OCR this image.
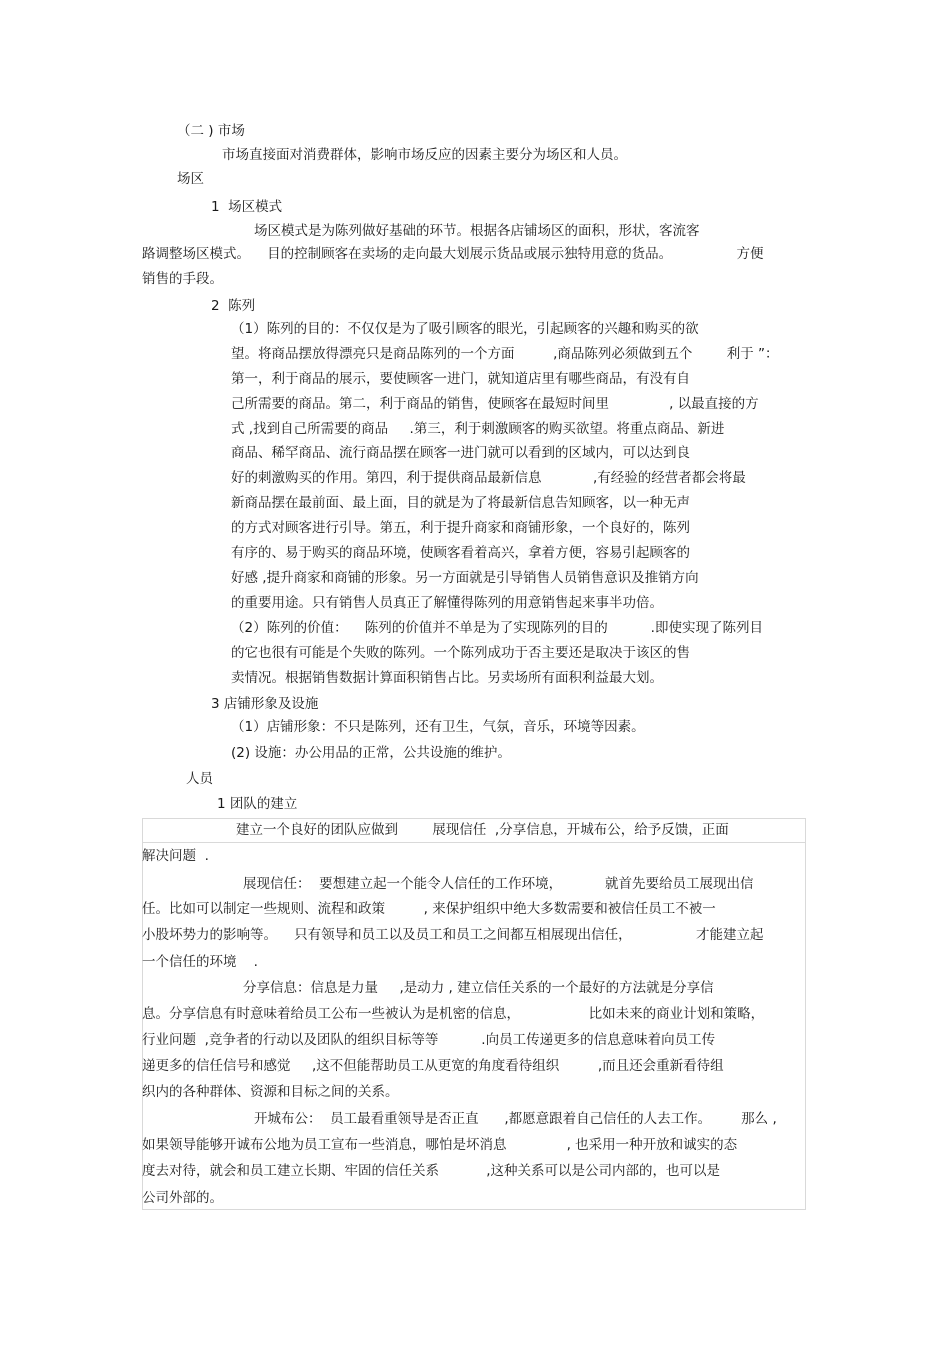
（二 ) 市场
市场直接面对消费群体，影响市场反应的因素主要分为场区和人员。
场区
1  场区模式
场区模式是为陈列做好基础的环节。根据各店铺场区的面积，形状，客流客
路调整场区模式。    目的控制顾客在卖场的走向最大划展示货品或展示独特用意的货品。               方便
销售的手段。
2  陈列
（1）陈列的目的：不仅仅是为了吸引顾客的眼光，引起顾客的兴趣和购买的欲
望。将商品摆放得漂亮只是商品陈列的一个方面         ,商品陈列必须做到五个        利于 ”：
第一，利于商品的展示，要使顾客一进门，就知道店里有哪些商品，有没有自
己所需要的商品。第二，利于商品的销售，使顾客在最短时间里              , 以最直接的方
式 ,找到自己所需要的商品     .第三，利于刺激顾客的购买欲望。将重点商品、新进
商品、稀罕商品、流行商品摆在顾客一进门就可以看到的区域内，可以达到良
好的刺激购买的作用。第四，利于提供商品最新信息            ,有经验的经营者都会将最
新商品摆在最前面、最上面，目的就是为了将最新信息告知顾客，以一种无声
的方式对顾客进行引导。第五，利于提升商家和商铺形象，一个良好的，陈列
有序的、易于购买的商品环境，使顾客看着高兴，拿着方便，容易引起顾客的
好感 ,提升商家和商铺的形象。另一方面就是引导销售人员销售意识及推销方向
的重要用途。只有销售人员真正了解懂得陈列的用意销售起来事半功倍。
（2）陈列的价值：    陈列的价值并不单是为了实现陈列的目的          .即使实现了陈列目
的它也很有可能是个失败的陈列。一个陈列成功于否主要还是取决于该区的售
卖情况。根据销售数据计算面积销售占比。另卖场所有面积利益最大划。
3 店铺形象及设施
（1）店铺形象：不只是陈列，还有卫生，气氛，音乐，环境等因素。
(2) 设施：办公用品的正常，公共设施的维护。
人员
1 团队的建立
建立一个良好的团队应做到        展现信任  ,分享信息，开城布公，给予反馈，正面
解决问题  .
展现信任：  要想建立起一个能令人信任的工作环境，          就首先要给员工展现出信
任。比如可以制定一些规则、流程和政策         , 来保护组织中绝大多数需要和被信任员工不被一
小股坏势力的影响等。    只有领导和员工以及员工和员工之间都互相展现出信任，               才能建立起
一个信任的环境    .
分享信息：信息是力量     ,是动力 , 建立信任关系的一个最好的方法就是分享信
息。分享信息有时意味着给员工公布一些被认为是机密的信息，                比如未来的商业计划和策略，
行业问题  ,竞争者的行动以及团队的组织目标等等          .向员工传递更多的信息意味着向员工传
递更多的信任信号和感觉     ,这不但能帮助员工从更宽的角度看待组织         ,而且还会重新看待组
织内的各种群体、资源和目标之间的关系。
开城布公：  员工最看重领导是否正直      ,都愿意跟着自己信任的人去工作。       那么 ,
如果领导能够开诚布公地为员工宣布一些消息，哪怕是坏消息              , 也采用一种开放和诚实的态
度去对待，就会和员工建立长期、牢固的信任关系           ,这种关系可以是公司内部的，也可以是
公司外部的。
